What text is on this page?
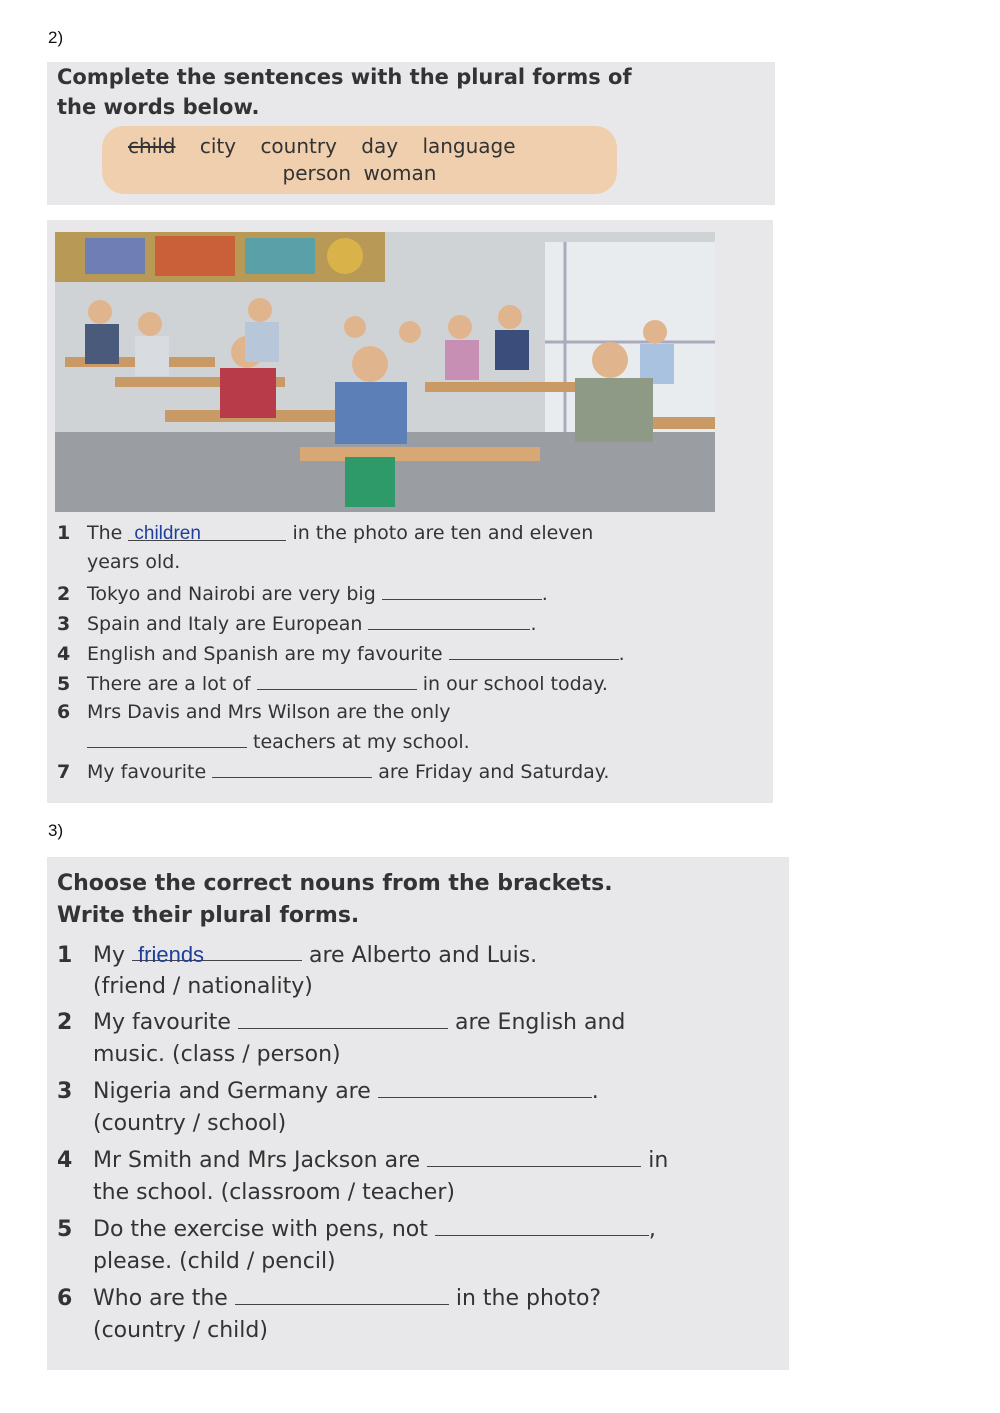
2)
Complete the sentences with the plural forms of
the words below.
child city country day language
person woman
1 The children	in the photo are ten and eleven
years old.
2 Tokyo and Nairobi are very big	.
3 Spain and Italy are European	.
4 English and Spanish are my favourite	.
5 There are a lot of	in our school today.
6 Mrs Davis and Mrs Wilson are the only
teachers at my school.
7 My favourite	are Friday and Saturday.
3)
Choose the correct nouns from the brackets.
Write their plural forms.
1 My friends	are Alberto and Luis.
(friend / nationality)
2 My favourite	are English and
music. (class / person)
3 Nigeria and Germany are	.
(country / school)
4 Mr Smith and Mrs Jackson are	in
the school. (classroom / teacher)
5 Do the exercise with pens, not	,
please. (child / pencil)
6 Who are the	in the photo?
(country / child)
